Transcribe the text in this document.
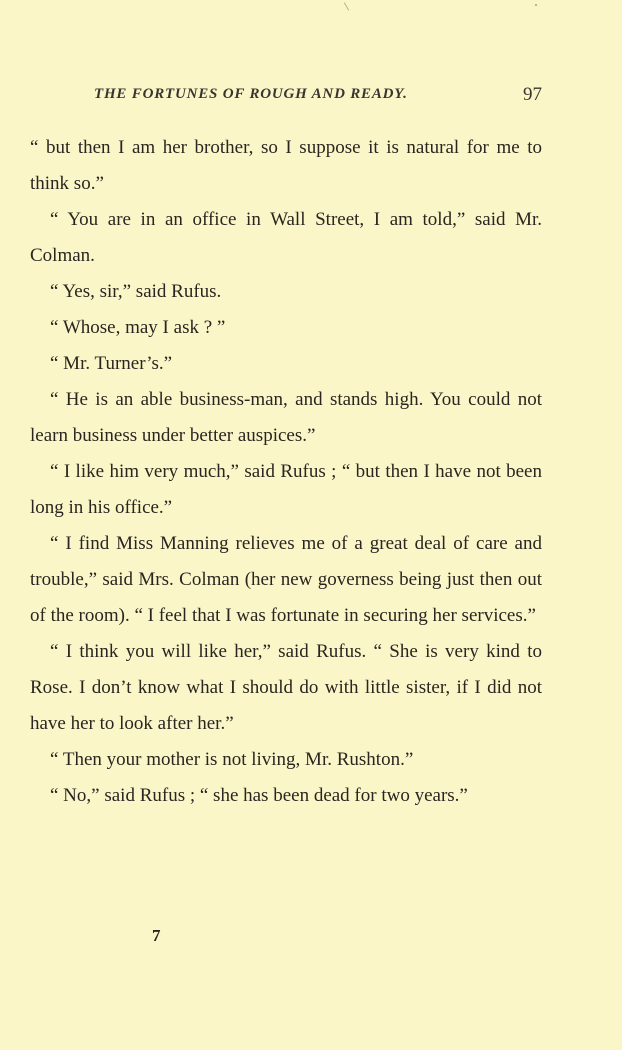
THE FORTUNES OF ROUGH AND READY.	97

“ but then I am her brother, so I suppose it is natural for me to think so.”

“ You are in an office in Wall Street, I am told,” said Mr. Colman.

“ Yes, sir,” said Rufus.

“ Whose, may I ask ? ”

“ Mr. Turner’s.”

“ He is an able business-man, and stands high. You could not learn business under better auspices.”

“ I like him very much,” said Rufus ; “ but then I have not been long in his office.”

“ I find Miss Manning relieves me of a great deal of care and trouble,” said Mrs. Colman (her new governess being just then out of the room). “ I feel that I was fortunate in securing her services.”

“ I think you will like her,” said Rufus. “ She is very kind to Rose. I don’t know what I should do with little sister, if I did not have her to look after her.”

“ Then your mother is not living, Mr. Rushton.”

“ No,” said Rufus ; “ she has been dead for two years.”

7
